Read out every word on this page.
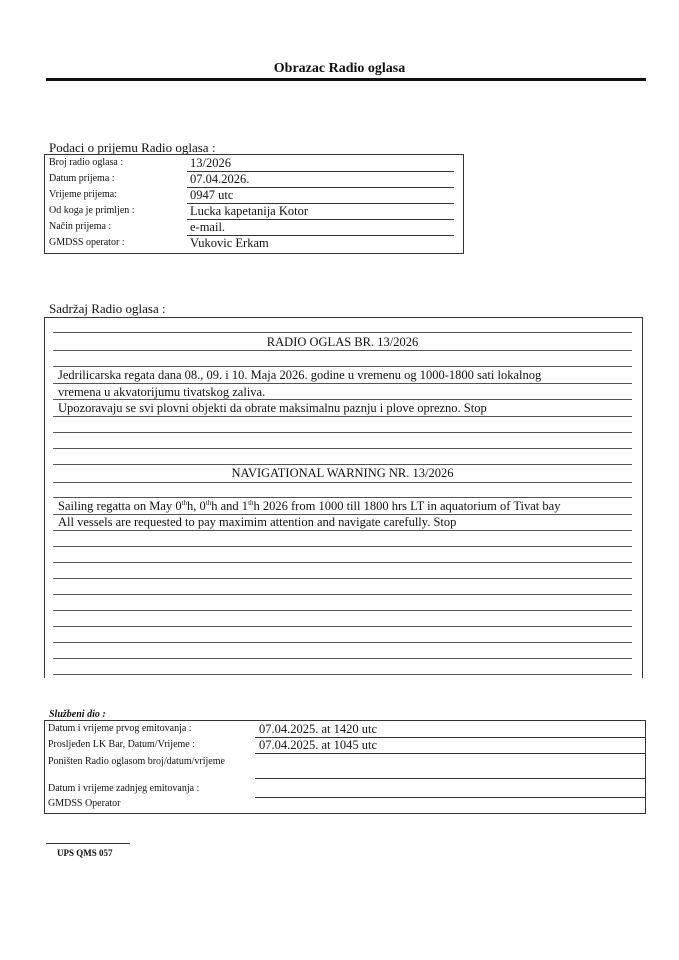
Obrazac Radio oglasa
Podaci o prijemu Radio oglasa :
Broj radio oglasa :	13/2026
Datum prijema :	07.04.2026.
Vrijeme prijema:	0947 utc
Od koga je primljen :	Lucka kapetanija Kotor
Način prijema :	e-mail.
GMDSS operator :	Vukovic Erkam
Sadržaj Radio oglasa :
RADIO OGLAS BR. 13/2026
Jedrilicarska regata dana 08., 09. i 10. Maja 2026. godine u vremenu og 1000-1800 sati lokalnog
vremena u akvatorijumu tivatskog zaliva.
Upozoravaju se svi plovni objekti da obrate maksimalnu paznju i plove oprezno. Stop
NAVIGATIONAL WARNING NR. 13/2026
Sailing regatta on May 0thh, 0thh and 1thh 2026 from 1000 till 1800 hrs LT in aquatorium of Tivat bay
All vessels are requested to pay maximim attention and navigate carefully. Stop
Službeni dio :
Datum i vrijeme prvog emitovanja :	07.04.2025. at 1420 utc
Prosljeđen LK Bar, Datum/Vrijeme :	07.04.2025. at 1045 utc
Poništen Radio oglasom broj/datum/vrijeme
Datum i vrijeme zadnjeg emitovanja :
GMDSS Operator
UPS QMS 057
